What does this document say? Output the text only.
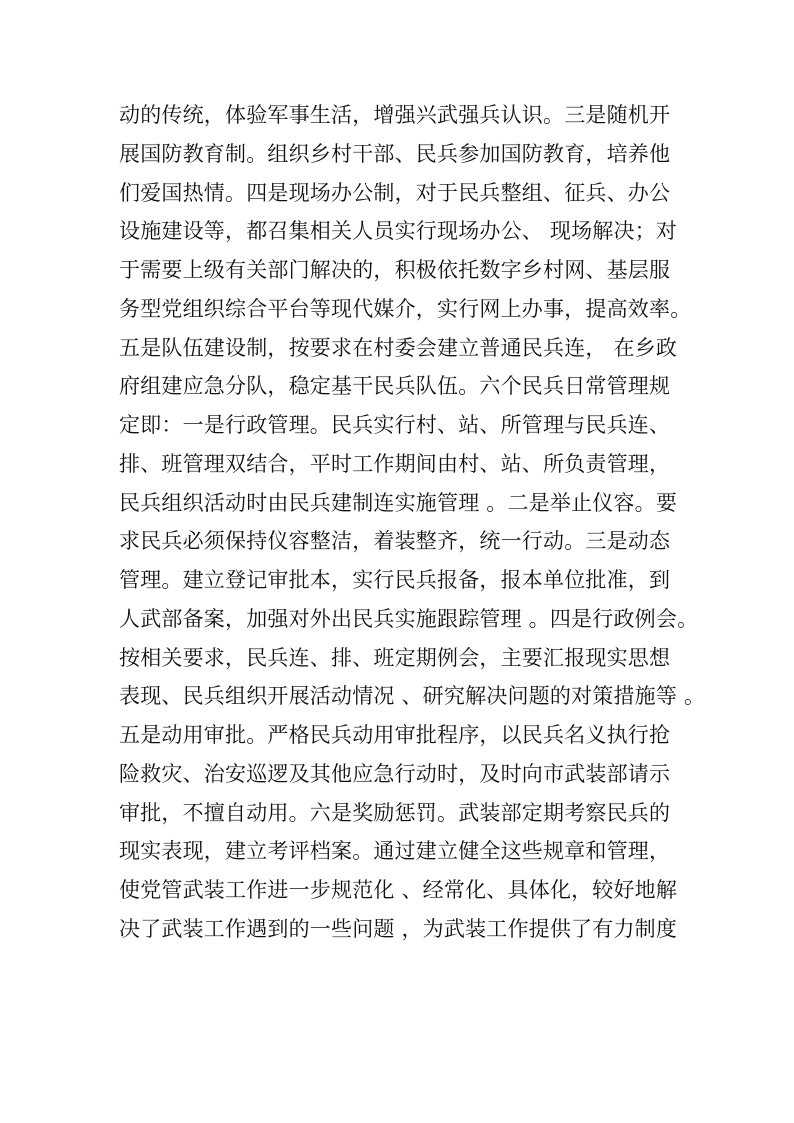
动的传统，体验军事生活，增强兴武强兵认识。三是随机开
展国防教育制。组织乡村干部、民兵参加国防教育，培养他
们爱国热情。四是现场办公制，对于民兵整组、征兵、办公
设施建设等，都召集相关人员实行现场办公、 现场解决；对
于需要上级有关部门解决的，积极依托数字乡村网、基层服
务型党组织综合平台等现代媒介，实行网上办事，提高效率。
五是队伍建设制，按要求在村委会建立普通民兵连， 在乡政
府组建应急分队，稳定基干民兵队伍。六个民兵日常管理规
定即：一是行政管理。民兵实行村、站、所管理与民兵连、
排、班管理双结合，平时工作期间由村、站、所负责管理，
民兵组织活动时由民兵建制连实施管理 。二是举止仪容。要
求民兵必须保持仪容整洁，着装整齐，统一行动。三是动态
管理。建立登记审批本，实行民兵报备，报本单位批准，到
人武部备案，加强对外出民兵实施跟踪管理 。四是行政例会。
按相关要求，民兵连、排、班定期例会，主要汇报现实思想
表现、民兵组织开展活动情况 、研究解决问题的对策措施等 。
五是动用审批。严格民兵动用审批程序，以民兵名义执行抢
险救灾、治安巡逻及其他应急行动时，及时向市武装部请示
审批，不擅自动用。六是奖励惩罚。武装部定期考察民兵的
现实表现，建立考评档案。通过建立健全这些规章和管理，
使党管武装工作进一步规范化 、经常化、具体化，较好地解
决了武装工作遇到的一些问题 ，为武装工作提供了有力制度
